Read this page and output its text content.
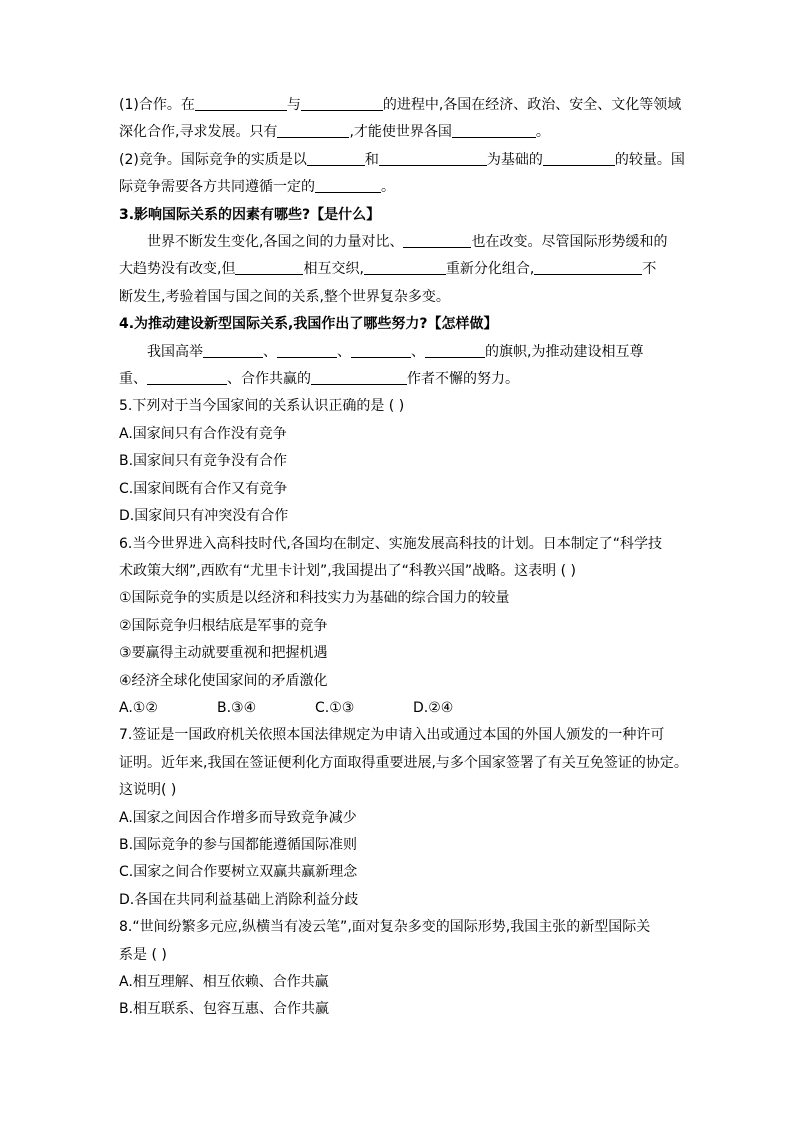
(1)合作。在	与	的进程中,各国在经济、政治、安全、文化等领域
深化合作,寻求发展。只有	,才能使世界各国	。
(2)竞争。国际竞争的实质是以	和	为基础的	的较量。国
际竞争需要各方共同遵循一定的	。
3.影响国际关系的因素有哪些?【是什么】
世界不断发生变化,各国之间的力量对比、	也在改变。尽管国际形势缓和的
大趋势没有改变,但	相互交织,	重新分化组合,	不
断发生,考验着国与国之间的关系,整个世界复杂多变。
4.为推动建设新型国际关系,我国作出了哪些努力?【怎样做】
我国高举	、	、	、	的旗帜,为推动建设相互尊
重、	、合作共赢的	作者不懈的努力。
5.下列对于当今国家间的关系认识正确的是 ( )
A.国家间只有合作没有竞争
B.国家间只有竞争没有合作
C.国家间既有合作又有竞争
D.国家间只有冲突没有合作
6.当今世界进入高科技时代,各国均在制定、实施发展高科技的计划。日本制定了“科学技
术政策大纲”,西欧有“尤里卡计划”,我国提出了“科教兴国”战略。这表明 ( )
①国际竞争的实质是以经济和科技实力为基础的综合国力的较量
②国际竞争归根结底是军事的竞争
③要赢得主动就要重视和把握机遇
④经济全球化使国家间的矛盾激化
A.①②	B.③④	C.①③	D.②④
7.签证是一国政府机关依照本国法律规定为申请入出或通过本国的外国人颁发的一种许可
证明。近年来,我国在签证便利化方面取得重要进展,与多个国家签署了有关互免签证的协定。
这说明( )
A.国家之间因合作增多而导致竞争减少
B.国际竞争的参与国都能遵循国际准则
C.国家之间合作要树立双赢共赢新理念
D.各国在共同利益基础上消除利益分歧
8.“世间纷繁多元应,纵横当有凌云笔”,面对复杂多变的国际形势,我国主张的新型国际关
系是 ( )
A.相互理解、相互依赖、合作共赢
B.相互联系、包容互惠、合作共赢
